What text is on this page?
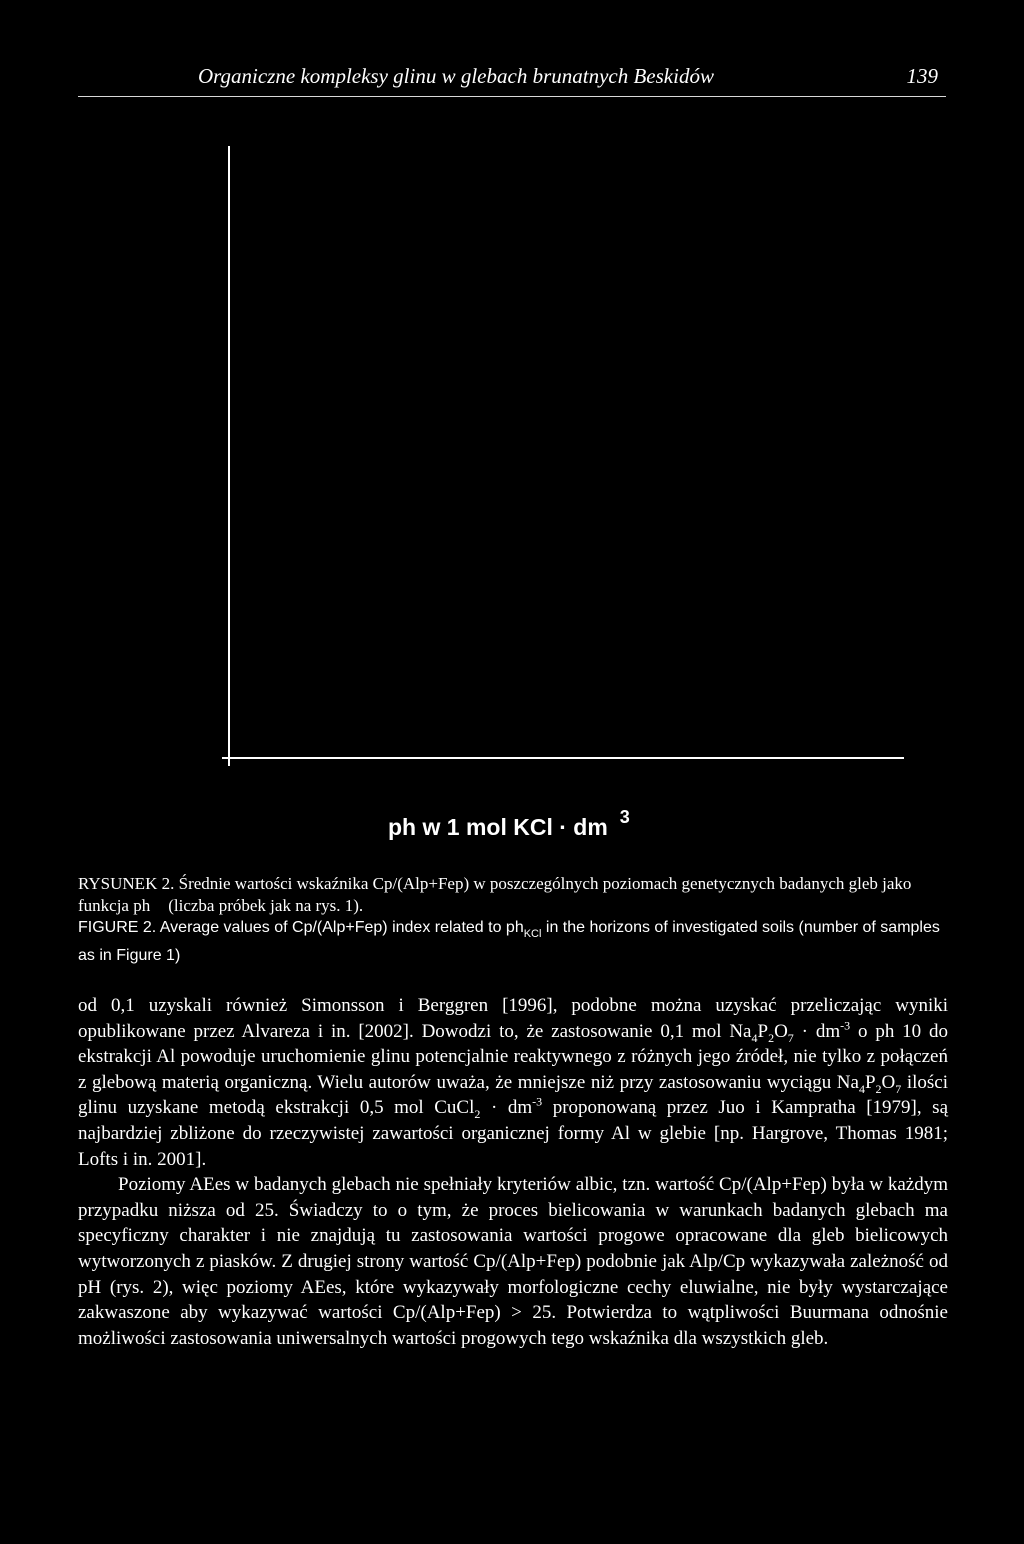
Organiczne kompleksy glinu w glebach brunatnych Beskidów	139
ph w 1 mol KCl · dm $^3$

RYSUNEK 2. Średnie wartości wskaźnika Cp/(Alp+Fep) w poszczególnych poziomach genetycznych badanych gleb jako funkcja ph (liczba próbek jak na rys. 1).

FIGURE 2. Average values of Cp/(Alp+Fep) index related to $ph_{KCl}$ in the horizons of investigated soils (number of samples as in Figure 1)

od 0,1 uzyskali również Simonsson i Berggren [1996], podobne można uzyskać przeliczając wyniki opublikowane przez Alvareza i in. [2002]. Dowodzi to, że zastosowanie 0,1 mol $Na_4P_2O_7 \cdot dm^{-3}$ o ph 10 do ekstrakcji Al powoduje uruchomienie glinu potencjalnie reaktywnego z różnych jego źródeł, nie tylko z połączeń z glebową materią organiczną. Wielu autorów uważa, że mniejsze niż przy zastosowaniu wyciągu $Na_4P_2O_7$ ilości glinu uzyskane metodą ekstrakcji 0,5 mol CuCl$_2$ · $dm^{-3}$ proponowaną przez Juo i Kampratha [1979], są najbardziej zbliżone do rzeczywistej zawartości organicznej formy Al w glebie [np. Hargrove, Thomas 1981; Lofts i in. 2001].

Poziomy AEes w badanych glebach nie spełniały kryteriów albic, tzn. wartość Cp/(Alp+Fep) była w każdym przypadku niższa od 25. Świadczy to o tym, że proces bielicowania w warunkach badanych glebach ma specyficzny charakter i nie znajdują tu zastosowania wartości progowe opracowane dla gleb bielicowych wytworzonych z piasków. Z drugiej strony wartość Cp/(Alp+Fep) podobnie jak Alp/Cp wykazywała zależność od pH (rys. 2), więc poziomy AEes, które wykazywały morfologiczne cechy eluwialne, nie były wystarczające zakwaszone aby wykazywać wartości Cp/(Alp+Fep) > 25. Potwierdza to wątpliwości Buurmana odnośnie możliwości zastosowania uniwersalnych wartości progowych tego wskaźnika dla wszystkich gleb.
